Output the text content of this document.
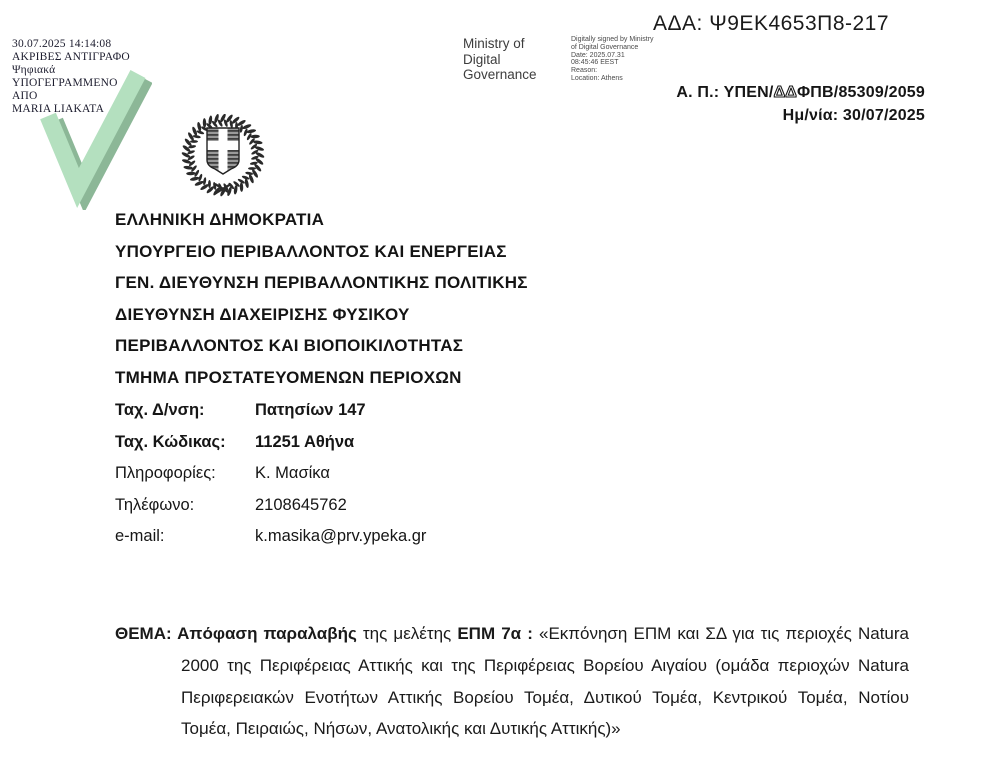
30.07.2025 14:14:08
ΑΚΡΙΒΕΣ ΑΝΤΙΓΡΑΦΟ
Ψηφιακά
ΥΠΟΓΕΓΡΑΜΜΕΝΟ
ΑΠΟ
MARIA LIAKATA
ΑΔΑ: Ψ9ΕΚ4653Π8-217
Ministry of Digital Governance
Digitally signed by Ministry
of Digital Governance
Date: 2025.07.31
08:45:46 EEST
Reason:
Location: Athens
Α. Π.: ΥΠΕΝ/ΔΔΦΠΒ/85309/2059
Ημ/νία: 30/07/2025
ΕΛΛΗΝΙΚΗ ΔΗΜΟΚΡΑΤΙΑ
ΥΠΟΥΡΓΕΙΟ ΠΕΡΙΒΑΛΛΟΝΤΟΣ ΚΑΙ ΕΝΕΡΓΕΙΑΣ
ΓΕΝ. ΔΙΕΥΘΥΝΣΗ ΠΕΡΙΒΑΛΛΟΝΤΙΚΗΣ ΠΟΛΙΤΙΚΗΣ
ΔΙΕΥΘΥΝΣΗ ΔΙΑΧΕΙΡΙΣΗΣ ΦΥΣΙΚΟΥ
ΠΕΡΙΒΑΛΛΟΝΤΟΣ ΚΑΙ ΒΙΟΠΟΙΚΙΛΟΤΗΤΑΣ
ΤΜΗΜΑ ΠΡΟΣΤΑΤΕΥΟΜΕΝΩΝ ΠΕΡΙΟΧΩΝ
Ταχ. Δ/νση:	Πατησίων 147
Ταχ. Κώδικας: 11251 Αθήνα
Πληροφορίες: Κ. Μασίκα
Τηλέφωνο:	2108645762
e-mail:	k.masika@prv.ypeka.gr
ΘΕΜΑ: Απόφαση παραλαβής της μελέτης ΕΠΜ 7α : «Εκπόνηση ΕΠΜ και ΣΔ για τις περιοχές Natura 2000 της Περιφέρειας Αττικής και της Περιφέρειας Βορείου Αιγαίου (ομάδα περιοχών Natura Περιφερειακών Ενοτήτων Αττικής Βορείου Τομέα, Δυτικού Τομέα, Κεντρικού Τομέα, Νοτίου Τομέα, Πειραιώς, Νήσων, Ανατολικής και Δυτικής Αττικής)»
